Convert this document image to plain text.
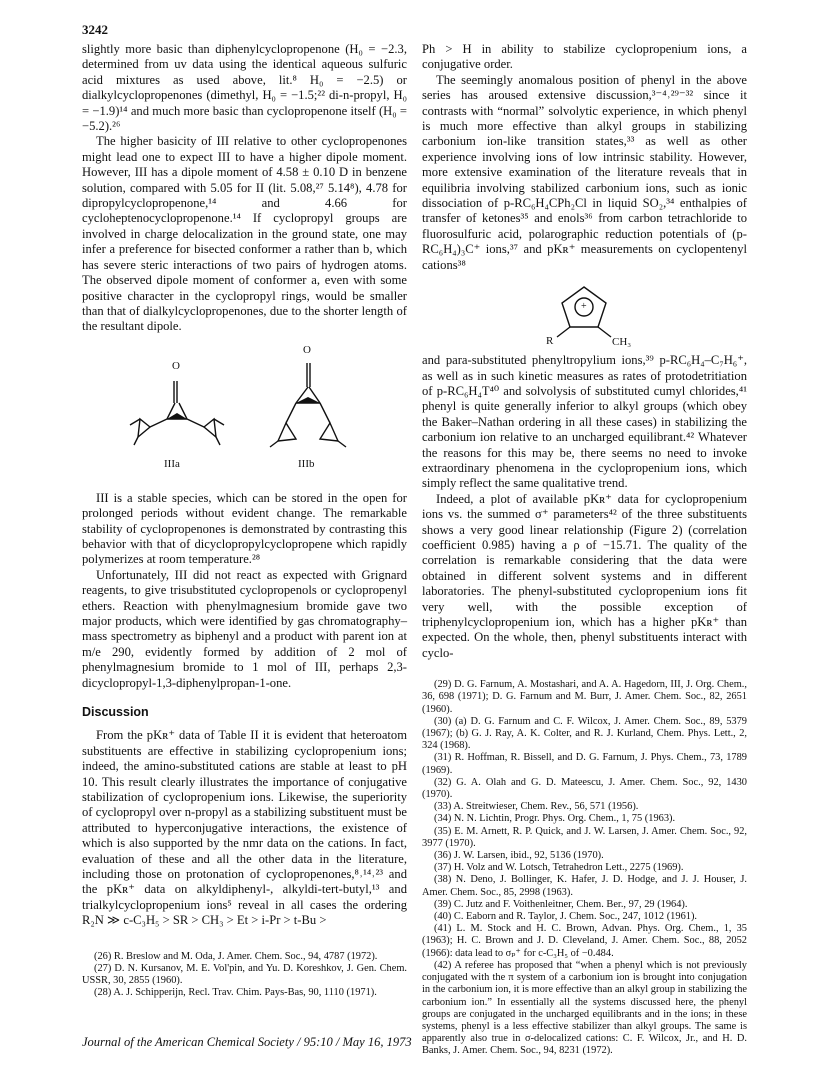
3242

slightly more basic than diphenylcyclopropenone (H₀ = −2.3, determined from uv data using the identical aqueous sulfuric acid mixtures as used above, lit.⁸ H₀ = −2.5) or dialkylcyclopropenones (dimethyl, H₀ = −1.5;²² di-n-propyl, H₀ = −1.9)¹⁴ and much more basic than cyclopropenone itself (H₀ = −5.2).²⁶

The higher basicity of III relative to other cyclopropenones might lead one to expect III to have a higher dipole moment. However, III has a dipole moment of 4.58 ± 0.10 D in benzene solution, compared with 5.05 for II (lit. 5.08,²⁷ 5.14⁸), 4.78 for dipropylcyclopropenone,¹⁴ and 4.66 for cycloheptenocyclopropenone.¹⁴ If cyclopropyl groups are involved in charge delocalization in the ground state, one may infer a preference for bisected conformer a rather than b, which has severe steric interactions of two pairs of hydrogen atoms. The observed dipole moment of conformer a, even with some positive character in the cyclopropyl rings, would be smaller than that of dialkylcyclopropenones, due to the shorter length of the resultant dipole.

O
O
IIIa	IIIb

III is a stable species, which can be stored in the open for prolonged periods without evident change. The remarkable stability of cyclopropenones is demonstrated by contrasting this behavior with that of dicyclopropylcyclopropene which rapidly polymerizes at room temperature.²⁸

Unfortunately, III did not react as expected with Grignard reagents, to give trisubstituted cyclopropenols or cyclopropenyl ethers. Reaction with phenylmagnesium bromide gave two major products, which were identified by gas chromatography–mass spectrometry as biphenyl and a product with parent ion at m/e 290, evidently formed by addition of 2 mol of phenylmagnesium bromide to 1 mol of III, perhaps 2,3-dicyclopropyl-1,3-diphenylpropan-1-one.

Discussion

From the pKʀ⁺ data of Table II it is evident that heteroatom substituents are effective in stabilizing cyclopropenium ions; indeed, the amino-substituted cations are stable at least to pH 10. This result clearly illustrates the importance of conjugative stabilization of cyclopropenium ions. Likewise, the superiority of cyclopropyl over n-propyl as a stabilizing substituent must be attributed to hyperconjugative interactions, the existence of which is also supported by the nmr data on the cations. In fact, evaluation of these and all the other data in the literature, including those on protonation of cyclopropenones,⁸˒¹⁴˒²³ and the pKʀ⁺ data on alkyldiphenyl-, alkyldi-tert-butyl,¹³ and trialkylcyclopropenium ions⁵ reveal in all cases the ordering R₂N ≫ c-C₃H₅ > SR > CH₃ > Et > i-Pr > t-Bu >

(26) R. Breslow and M. Oda, J. Amer. Chem. Soc., 94, 4787 (1972).

(27) D. N. Kursanov, M. E. Vol'pin, and Yu. D. Koreshkov, J. Gen. Chem. USSR, 30, 2855 (1960).

(28) A. J. Schipperijn, Recl. Trav. Chim. Pays-Bas, 90, 1110 (1971).

Ph > H in ability to stabilize cyclopropenium ions, a conjugative order.

The seemingly anomalous position of phenyl in the above series has aroused extensive discussion,³⁻⁴˒²⁹⁻³² since it contrasts with “normal” solvolytic experience, in which phenyl is much more effective than alkyl groups in stabilizing carbonium ion-like transition states,³³ as well as other experience involving ions of low intrinsic stability. However, more extensive examination of the literature reveals that in equilibria involving stabilized carbonium ions, such as ionic dissociation of p-RC₆H₄CPh₂Cl in liquid SO₂,³⁴ enthalpies of transfer of ketones³⁵ and enols³⁶ from carbon tetrachloride to fluorosulfuric acid, polarographic reduction potentials of (p-RC₆H₄)₃C⁺ ions,³⁷ and pKʀ⁺ measurements on cyclopentenyl cations³⁸

+
R	CH₃

and para-substituted phenyltropylium ions,³⁹ p-RC₆H₄–C₇H₆⁺, as well as in such kinetic measures as rates of protodetritiation of p-RC₆H₄T⁴⁰ and solvolysis of substituted cumyl chlorides,⁴¹ phenyl is quite generally inferior to alkyl groups (which obey the Baker–Nathan ordering in all these cases) in stabilizing the carbonium ion relative to an uncharged equilibrant.⁴² Whatever the reasons for this may be, there seems no need to invoke extraordinary phenomena in the cyclopropenium ions, which simply reflect the same qualitative trend.

Indeed, a plot of available pKʀ⁺ data for cyclopropenium ions vs. the summed σ⁺ parameters⁴² of the three substituents shows a very good linear relationship (Figure 2) (correlation coefficient 0.985) having a ρ of −15.71. The quality of the correlation is remarkable considering that the data were obtained in different solvent systems and in different laboratories. The phenyl-substituted cyclopropenium ions fit very well, with the possible exception of triphenylcyclopropenium ion, which has a higher pKʀ⁺ than expected. On the whole, then, phenyl substituents interact with cyclo-

(29) D. G. Farnum, A. Mostashari, and A. A. Hagedorn, III, J. Org. Chem., 36, 698 (1971); D. G. Farnum and M. Burr, J. Amer. Chem. Soc., 82, 2651 (1960).

(30) (a) D. G. Farnum and C. F. Wilcox, J. Amer. Chem. Soc., 89, 5379 (1967); (b) G. J. Ray, A. K. Colter, and R. J. Kurland, Chem. Phys. Lett., 2, 324 (1968).

(31) R. Hoffman, R. Bissell, and D. G. Farnum, J. Phys. Chem., 73, 1789 (1969).

(32) G. A. Olah and G. D. Mateescu, J. Amer. Chem. Soc., 92, 1430 (1970).

(33) A. Streitwieser, Chem. Rev., 56, 571 (1956).

(34) N. N. Lichtin, Progr. Phys. Org. Chem., 1, 75 (1963).

(35) E. M. Arnett, R. P. Quick, and J. W. Larsen, J. Amer. Chem. Soc., 92, 3977 (1970).

(36) J. W. Larsen, ibid., 92, 5136 (1970).

(37) H. Volz and W. Lotsch, Tetrahedron Lett., 2275 (1969).

(38) N. Deno, J. Bollinger, K. Hafer, J. D. Hodge, and J. J. Houser, J. Amer. Chem. Soc., 85, 2998 (1963).

(39) C. Jutz and F. Voithenleitner, Chem. Ber., 97, 29 (1964).

(40) C. Eaborn and R. Taylor, J. Chem. Soc., 247, 1012 (1961).

(41) L. M. Stock and H. C. Brown, Advan. Phys. Org. Chem., 1, 35 (1963); H. C. Brown and J. D. Cleveland, J. Amer. Chem. Soc., 88, 2052 (1966): data lead to σₚ⁺ for c-C₃H₅ of −0.484.

(42) A referee has proposed that “when a phenyl which is not previously conjugated with the π system of a carbonium ion is brought into conjugation in the carbonium ion, it is more effective than an alkyl group in stabilizing the carbonium ion.” In essentially all the systems discussed here, the phenyl groups are conjugated in the uncharged equilibrants and in the ions; in these systems, phenyl is a less effective stabilizer than alkyl groups. The same is apparently also true in σ-delocalized cations: C. F. Wilcox, Jr., and H. D. Banks, J. Amer. Chem. Soc., 94, 8231 (1972).

Journal of the American Chemical Society / 95:10 / May 16, 1973
